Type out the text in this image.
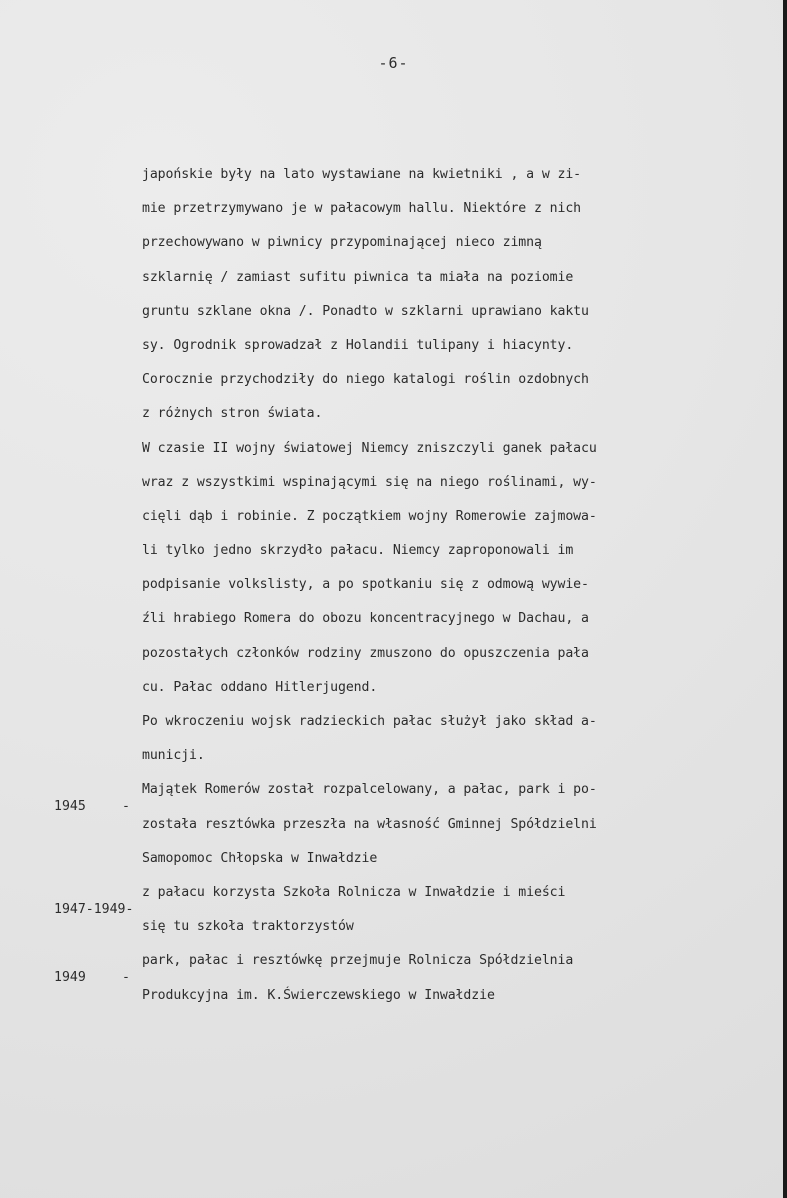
-6-
japońskie były na lato wystawiane na kwietniki , a w zi-
mie przetrzymywano je w pałacowym hallu. Niektóre z nich
przechowywano w piwnicy przypominającej nieco zimną
szklarnię / zamiast sufitu piwnica ta miała na poziomie
gruntu szklane okna /. Ponadto w szklarni uprawiano kaktu
sy. Ogrodnik sprowadzał z Holandii tulipany i hiacynty.
Corocznie przychodziły do niego katalogi roślin ozdobnych
z różnych stron świata.
W czasie II wojny światowej Niemcy zniszczyli ganek pałacu
wraz z wszystkimi wspinającymi się na niego roślinami, wy-
cięli dąb i robinie. Z początkiem wojny Romerowie zajmowa-
li tylko jedno skrzydło pałacu. Niemcy zaproponowali im
podpisanie volkslisty, a po spotkaniu się z odmową wywie-
źli hrabiego Romera do obozu koncentracyjnego w Dachau, a
pozostałych członków rodziny zmuszono do opuszczenia pała
cu. Pałac oddano Hitlerjugend.
Po wkroczeniu wojsk radzieckich pałac służył jako skład a-
municji.
Majątek Romerów został rozpalcelowany, a pałac, park i po-
została resztówka przeszła na własność Gminnej Spółdzielni
Samopomoc Chłopska w Inwałdzie
z pałacu korzysta Szkoła Rolnicza w Inwałdzie i mieści
się tu szkoła traktorzystów
park, pałac i resztówkę przejmuje Rolnicza Spółdzielnia
Produkcyjna im. K.Świerczewskiego w Inwałdzie
1945	-
1947-1949-
1949	-
